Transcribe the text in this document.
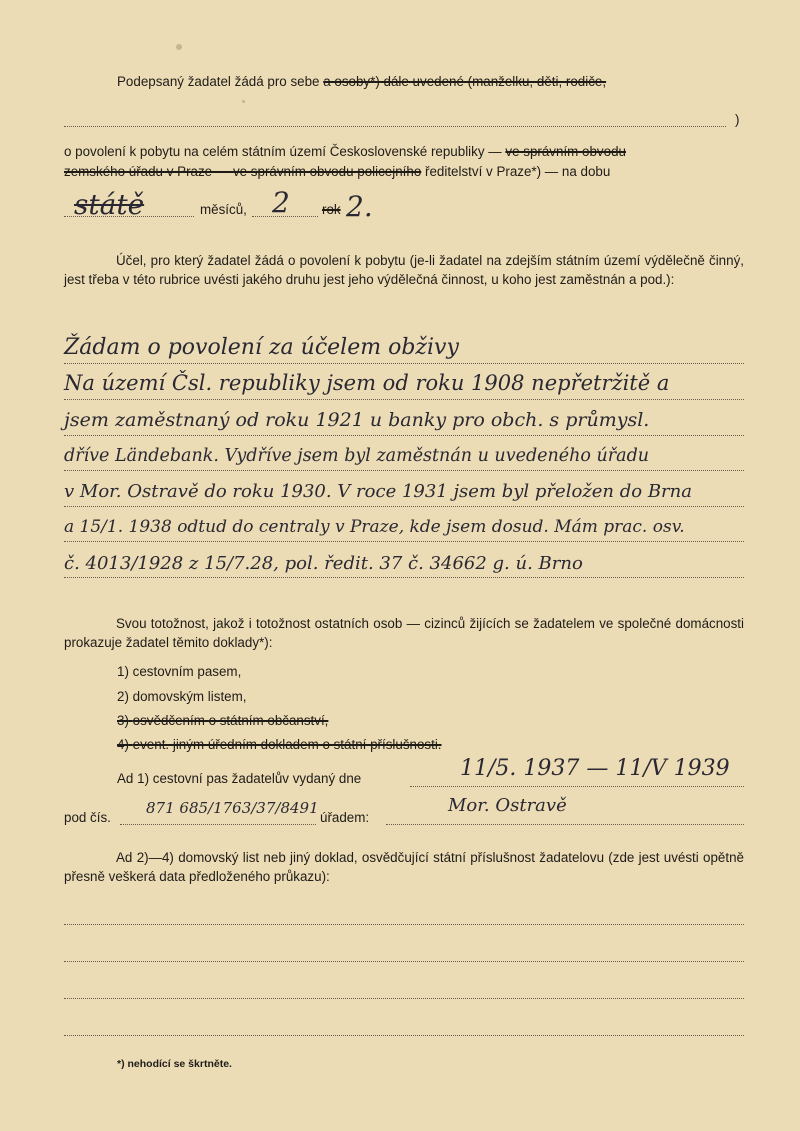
Podepsaný žadatel žádá pro sebe a osoby*) dále uvedené (manželku, děti, rodiče,
)
o povolení k pobytu na celém státním území Československé republiky — ve správním obvodu
zemského úřadu v Praze — ve správním obvodu policejního ředitelství v Praze*) — na dobu
státě	měsíců, 2 rok 2.
Účel, pro který žadatel žádá o povolení k pobytu (je-li žadatel na zdejším státním území výdělečně činný, jest třeba v této rubrice uvésti jakého druhu jest jeho výdělečná činnost, u koho jest zaměstnán a pod.):
Žádam o povolení za účelem obživy
Na území Čsl. republiky jsem od roku 1908 nepřetržitě a
jsem zaměstnaný od roku 1921 u banky pro obch. s průmysl.
dříve Ländebank. Vydříve jsem byl zaměstnán u uvedeného úřadu
v Mor. Ostravě do roku 1930. V roce 1931 jsem byl přeložen do Brna
a 15/1. 1938 odtud do centraly v Praze, kde jsem dosud. Mám prac. osv.
č. 4013/1928 z 15/7.28, pol. ředit. 37 č. 34662 g. ú. Brno
Svou totožnost, jakož i totožnost ostatních osob — cizinců žijících se žadatelem ve společné domácnosti prokazuje žadatel těmito doklady*):
1) cestovním pasem,
2) domovským listem,
3) osvědčením o státním občanství,
4) event. jiným úředním dokladem o státní příslušnosti.
Ad 1) cestovní pas žadatelův vydaný dne	11/5. 1937 — 11/V 1939
pod čís.
871 685/1763/37/8491
úřadem:
Mor. Ostravě
Ad 2)—4) domovský list neb jiný doklad, osvědčující státní příslušnost žadatelovu (zde jest uvésti opětně přesně veškerá data předloženého průkazu):
*) nehodící se škrtněte.
